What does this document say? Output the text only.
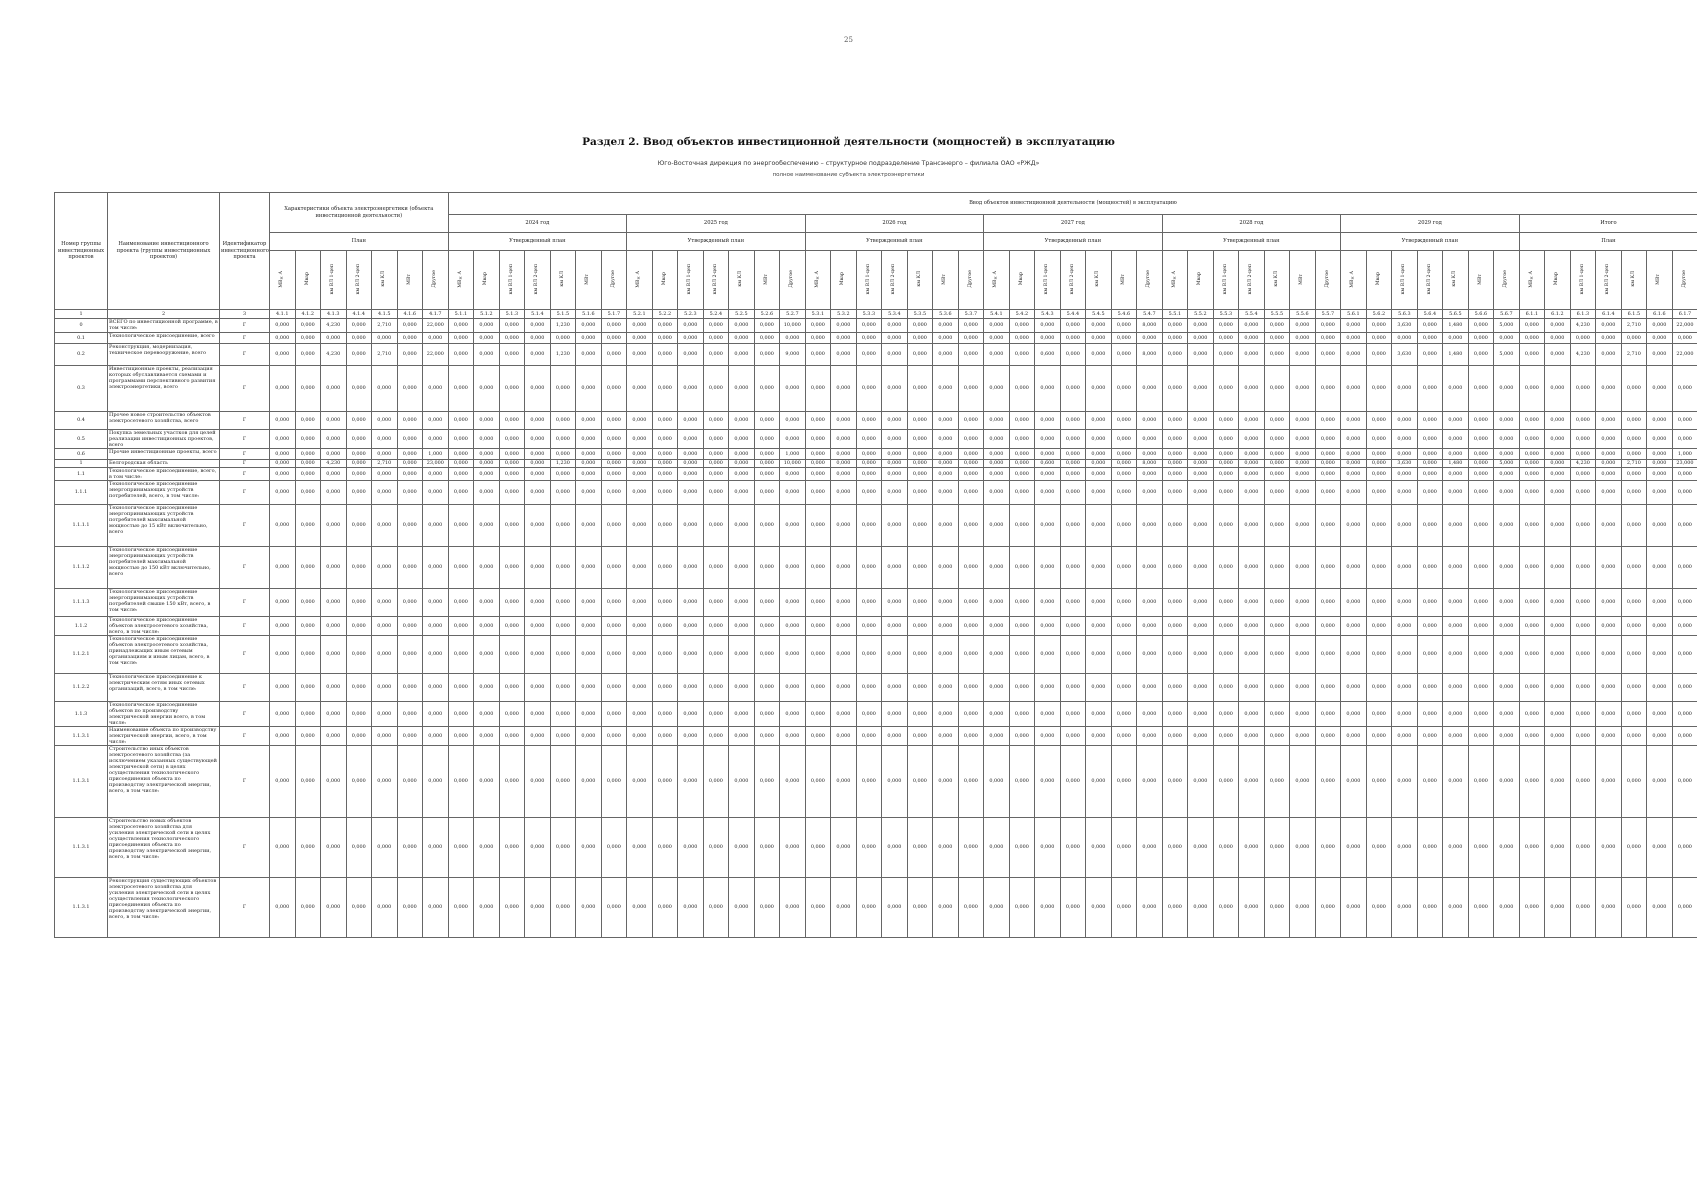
25
Раздел 2. Ввод объектов инвестиционной деятельности (мощностей) в эксплуатацию
Юго-Восточная дирекция по энергообеспечению – структурное подразделение Трансэнерго – филиала ОАО «РЖД»
полное наименование субъекта электроэнергетики
Номер группы инвестиционных проектов	Наименование инвестиционного проекта (группы инвестиционных проектов)	Идентификатор инвестиционного проекта	Характеристики объекта электроэнергетики (объекта инвестиционной деятельности)							Ввод объектов инвестиционной деятельности (мощностей) в эксплуатацию																																																
										2024 год							2025 год							2026 год							2027 год							2028 год							2029 год							Итого						
			План							Утвержденный план							Утвержденный план							Утвержденный план							Утвержденный план							Утвержденный план							Утвержденный план							План						
			МВ×А	Мвар	км ВЛ 1-цеп	км ВЛ 2-цеп	км КЛ	МВт	Другое	МВ×А	Мвар	км ВЛ 1-цеп	км ВЛ 2-цеп	км КЛ	МВт	Другое	МВ×А	Мвар	км ВЛ 1-цеп	км ВЛ 2-цеп	км КЛ	МВт	Другое	МВ×А	Мвар	км ВЛ 1-цеп	км ВЛ 2-цеп	км КЛ	МВт	Другое	МВ×А	Мвар	км ВЛ 1-цеп	км ВЛ 2-цеп	км КЛ	МВт	Другое	МВ×А	Мвар	км ВЛ 1-цеп	км ВЛ 2-цеп	км КЛ	МВт	Другое	МВ×А	Мвар	км ВЛ 1-цеп	км ВЛ 2-цеп	км КЛ	МВт	Другое	МВ×А	Мвар	км ВЛ 1-цеп	км ВЛ 2-цеп	км КЛ	МВт	Другое
1	2	3	4.1.1	4.1.2	4.1.3	4.1.4	4.1.5	4.1.6	4.1.7	5.1.1	5.1.2	5.1.3	5.1.4	5.1.5	5.1.6	5.1.7	5.2.1	5.2.2	5.2.3	5.2.4	5.2.5	5.2.6	5.2.7	5.3.1	5.3.2	5.3.3	5.3.4	5.3.5	5.3.6	5.3.7	5.4.1	5.4.2	5.4.3	5.4.4	5.4.5	5.4.6	5.4.7	5.5.1	5.5.2	5.5.3	5.5.4	5.5.5	5.5.6	5.5.7	5.6.1	5.6.2	5.6.3	5.6.4	5.6.5	5.6.6	5.6.7	6.1.1	6.1.2	6.1.3	6.1.4	6.1.5	6.1.6	6.1.7
0	ВСЕГО по инвестиционной программе, в том числе:	Г	0,000	0,000	4,230	0,000	2,710	0,000	22,000	0,000	0,000	0,000	0,000	1,230	0,000	0,000	0,000	0,000	0,000	0,000	0,000	0,000	10,000	0,000	0,000	0,000	0,000	0,000	0,000	0,000	0,000	0,000	0,000	0,000	0,000	0,000	8,000	0,000	0,000	0,000	0,000	0,000	0,000	0,000	0,000	0,000	3,630	0,000	1,480	0,000	5,000	0,000	0,000	4,230	0,000	2,710	0,000	22,000
0.1	Технологическое присоединение, всего	Г	0,000	0,000	0,000	0,000	0,000	0,000	0,000	0,000	0,000	0,000	0,000	0,000	0,000	0,000	0,000	0,000	0,000	0,000	0,000	0,000	0,000	0,000	0,000	0,000	0,000	0,000	0,000	0,000	0,000	0,000	0,000	0,000	0,000	0,000	0,000	0,000	0,000	0,000	0,000	0,000	0,000	0,000	0,000	0,000	0,000	0,000	0,000	0,000	0,000	0,000	0,000	0,000	0,000	0,000	0,000	0,000
0.2	Реконструкция, модернизация, техническое перевооружение, всего	Г	0,000	0,000	4,230	0,000	2,710	0,000	22,000	0,000	0,000	0,000	0,000	1,230	0,000	0,000	0,000	0,000	0,000	0,000	0,000	0,000	9,000	0,000	0,000	0,000	0,000	0,000	0,000	0,000	0,000	0,000	0,600	0,000	0,000	0,000	8,000	0,000	0,000	0,000	0,000	0,000	0,000	0,000	0,000	0,000	3,630	0,000	1,480	0,000	5,000	0,000	0,000	4,230	0,000	2,710	0,000	22,000
0.3	Инвестиционные проекты, реализация которых обуславливается схемами и программами перспективного развития электроэнергетики, всего	Г	0,000	0,000	0,000	0,000	0,000	0,000	0,000	0,000	0,000	0,000	0,000	0,000	0,000	0,000	0,000	0,000	0,000	0,000	0,000	0,000	0,000	0,000	0,000	0,000	0,000	0,000	0,000	0,000	0,000	0,000	0,000	0,000	0,000	0,000	0,000	0,000	0,000	0,000	0,000	0,000	0,000	0,000	0,000	0,000	0,000	0,000	0,000	0,000	0,000	0,000	0,000	0,000	0,000	0,000	0,000	0,000
0.4	Прочее новое строительство объектов электросетевого хозяйства, всего	Г	0,000	0,000	0,000	0,000	0,000	0,000	0,000	0,000	0,000	0,000	0,000	0,000	0,000	0,000	0,000	0,000	0,000	0,000	0,000	0,000	0,000	0,000	0,000	0,000	0,000	0,000	0,000	0,000	0,000	0,000	0,000	0,000	0,000	0,000	0,000	0,000	0,000	0,000	0,000	0,000	0,000	0,000	0,000	0,000	0,000	0,000	0,000	0,000	0,000	0,000	0,000	0,000	0,000	0,000	0,000	0,000
0.5	Покупка земельных участков для целей реализации инвестиционных проектов, всего	Г	0,000	0,000	0,000	0,000	0,000	0,000	0,000	0,000	0,000	0,000	0,000	0,000	0,000	0,000	0,000	0,000	0,000	0,000	0,000	0,000	0,000	0,000	0,000	0,000	0,000	0,000	0,000	0,000	0,000	0,000	0,000	0,000	0,000	0,000	0,000	0,000	0,000	0,000	0,000	0,000	0,000	0,000	0,000	0,000	0,000	0,000	0,000	0,000	0,000	0,000	0,000	0,000	0,000	0,000	0,000	0,000
0.6	Прочие инвестиционные проекты, всего	Г	0,000	0,000	0,000	0,000	0,000	0,000	1,000	0,000	0,000	0,000	0,000	0,000	0,000	0,000	0,000	0,000	0,000	0,000	0,000	0,000	1,000	0,000	0,000	0,000	0,000	0,000	0,000	0,000	0,000	0,000	0,000	0,000	0,000	0,000	0,000	0,000	0,000	0,000	0,000	0,000	0,000	0,000	0,000	0,000	0,000	0,000	0,000	0,000	0,000	0,000	0,000	0,000	0,000	0,000	0,000	1,000
1	Белгородская область	Г	0,000	0,000	4,230	0,000	2,710	0,000	23,000	0,000	0,000	0,000	0,000	1,230	0,000	0,000	0,000	0,000	0,000	0,000	0,000	0,000	10,000	0,000	0,000	0,000	0,000	0,000	0,000	0,000	0,000	0,000	0,600	0,000	0,000	0,000	8,000	0,000	0,000	0,000	0,000	0,000	0,000	0,000	0,000	0,000	3,630	0,000	1,480	0,000	5,000	0,000	0,000	4,230	0,000	2,710	0,000	23,000
1.1	Технологическое присоединение, всего, в том числе:	Г	0,000	0,000	0,000	0,000	0,000	0,000	0,000	0,000	0,000	0,000	0,000	0,000	0,000	0,000	0,000	0,000	0,000	0,000	0,000	0,000	0,000	0,000	0,000	0,000	0,000	0,000	0,000	0,000	0,000	0,000	0,000	0,000	0,000	0,000	0,000	0,000	0,000	0,000	0,000	0,000	0,000	0,000	0,000	0,000	0,000	0,000	0,000	0,000	0,000	0,000	0,000	0,000	0,000	0,000	0,000	0,000
1.1.1	Технологическое присоединение энергопринимающих устройств потребителей, всего, в том числе:	Г	0,000	0,000	0,000	0,000	0,000	0,000	0,000	0,000	0,000	0,000	0,000	0,000	0,000	0,000	0,000	0,000	0,000	0,000	0,000	0,000	0,000	0,000	0,000	0,000	0,000	0,000	0,000	0,000	0,000	0,000	0,000	0,000	0,000	0,000	0,000	0,000	0,000	0,000	0,000	0,000	0,000	0,000	0,000	0,000	0,000	0,000	0,000	0,000	0,000	0,000	0,000	0,000	0,000	0,000	0,000	0,000
1.1.1.1	Технологическое присоединение энергопринимающих устройств потребителей максимальной мощностью до 15 кВт включительно, всего	Г	0,000	0,000	0,000	0,000	0,000	0,000	0,000	0,000	0,000	0,000	0,000	0,000	0,000	0,000	0,000	0,000	0,000	0,000	0,000	0,000	0,000	0,000	0,000	0,000	0,000	0,000	0,000	0,000	0,000	0,000	0,000	0,000	0,000	0,000	0,000	0,000	0,000	0,000	0,000	0,000	0,000	0,000	0,000	0,000	0,000	0,000	0,000	0,000	0,000	0,000	0,000	0,000	0,000	0,000	0,000	0,000
1.1.1.2	Технологическое присоединение энергопринимающих устройств потребителей максимальной мощностью до 150 кВт включительно, всего	Г	0,000	0,000	0,000	0,000	0,000	0,000	0,000	0,000	0,000	0,000	0,000	0,000	0,000	0,000	0,000	0,000	0,000	0,000	0,000	0,000	0,000	0,000	0,000	0,000	0,000	0,000	0,000	0,000	0,000	0,000	0,000	0,000	0,000	0,000	0,000	0,000	0,000	0,000	0,000	0,000	0,000	0,000	0,000	0,000	0,000	0,000	0,000	0,000	0,000	0,000	0,000	0,000	0,000	0,000	0,000	0,000
1.1.1.3	Технологическое присоединение энергопринимающих устройств потребителей свыше 150 кВт, всего, в том числе:	Г	0,000	0,000	0,000	0,000	0,000	0,000	0,000	0,000	0,000	0,000	0,000	0,000	0,000	0,000	0,000	0,000	0,000	0,000	0,000	0,000	0,000	0,000	0,000	0,000	0,000	0,000	0,000	0,000	0,000	0,000	0,000	0,000	0,000	0,000	0,000	0,000	0,000	0,000	0,000	0,000	0,000	0,000	0,000	0,000	0,000	0,000	0,000	0,000	0,000	0,000	0,000	0,000	0,000	0,000	0,000	0,000
1.1.2	Технологическое присоединение объектов электросетевого хозяйства, всего, в том числе:	Г	0,000	0,000	0,000	0,000	0,000	0,000	0,000	0,000	0,000	0,000	0,000	0,000	0,000	0,000	0,000	0,000	0,000	0,000	0,000	0,000	0,000	0,000	0,000	0,000	0,000	0,000	0,000	0,000	0,000	0,000	0,000	0,000	0,000	0,000	0,000	0,000	0,000	0,000	0,000	0,000	0,000	0,000	0,000	0,000	0,000	0,000	0,000	0,000	0,000	0,000	0,000	0,000	0,000	0,000	0,000	0,000
1.1.2.1	Технологическое присоединение объектов электросетевого хозяйства, принадлежащих иным сетевым организациям и иным лицам, всего, в том числе:	Г	0,000	0,000	0,000	0,000	0,000	0,000	0,000	0,000	0,000	0,000	0,000	0,000	0,000	0,000	0,000	0,000	0,000	0,000	0,000	0,000	0,000	0,000	0,000	0,000	0,000	0,000	0,000	0,000	0,000	0,000	0,000	0,000	0,000	0,000	0,000	0,000	0,000	0,000	0,000	0,000	0,000	0,000	0,000	0,000	0,000	0,000	0,000	0,000	0,000	0,000	0,000	0,000	0,000	0,000	0,000	0,000
1.1.2.2	Технологическое присоединение к электрическим сетям иных сетевых организаций, всего, в том числе:	Г	0,000	0,000	0,000	0,000	0,000	0,000	0,000	0,000	0,000	0,000	0,000	0,000	0,000	0,000	0,000	0,000	0,000	0,000	0,000	0,000	0,000	0,000	0,000	0,000	0,000	0,000	0,000	0,000	0,000	0,000	0,000	0,000	0,000	0,000	0,000	0,000	0,000	0,000	0,000	0,000	0,000	0,000	0,000	0,000	0,000	0,000	0,000	0,000	0,000	0,000	0,000	0,000	0,000	0,000	0,000	0,000
1.1.3	Технологическое присоединение объектов по производству электрической энергии всего, в том числе:	Г	0,000	0,000	0,000	0,000	0,000	0,000	0,000	0,000	0,000	0,000	0,000	0,000	0,000	0,000	0,000	0,000	0,000	0,000	0,000	0,000	0,000	0,000	0,000	0,000	0,000	0,000	0,000	0,000	0,000	0,000	0,000	0,000	0,000	0,000	0,000	0,000	0,000	0,000	0,000	0,000	0,000	0,000	0,000	0,000	0,000	0,000	0,000	0,000	0,000	0,000	0,000	0,000	0,000	0,000	0,000	0,000
1.1.3.1	Наименование объекта по производству электрической энергии, всего, в том числе:	Г	0,000	0,000	0,000	0,000	0,000	0,000	0,000	0,000	0,000	0,000	0,000	0,000	0,000	0,000	0,000	0,000	0,000	0,000	0,000	0,000	0,000	0,000	0,000	0,000	0,000	0,000	0,000	0,000	0,000	0,000	0,000	0,000	0,000	0,000	0,000	0,000	0,000	0,000	0,000	0,000	0,000	0,000	0,000	0,000	0,000	0,000	0,000	0,000	0,000	0,000	0,000	0,000	0,000	0,000	0,000	0,000
1.1.3.1	Строительство иных объектов электросетевого хозяйства (за исключением указанных существующей электрической сети) в целях осуществления технологического присоединения объекта по производству электрической энергии, всего, в том числе:	Г	0,000	0,000	0,000	0,000	0,000	0,000	0,000	0,000	0,000	0,000	0,000	0,000	0,000	0,000	0,000	0,000	0,000	0,000	0,000	0,000	0,000	0,000	0,000	0,000	0,000	0,000	0,000	0,000	0,000	0,000	0,000	0,000	0,000	0,000	0,000	0,000	0,000	0,000	0,000	0,000	0,000	0,000	0,000	0,000	0,000	0,000	0,000	0,000	0,000	0,000	0,000	0,000	0,000	0,000	0,000	0,000
1.1.3.1	Строительство новых объектов электросетевого хозяйства для усиления электрической сети в целях осуществления технологического присоединения объекта по производству электрической энергии, всего, в том числе:	Г	0,000	0,000	0,000	0,000	0,000	0,000	0,000	0,000	0,000	0,000	0,000	0,000	0,000	0,000	0,000	0,000	0,000	0,000	0,000	0,000	0,000	0,000	0,000	0,000	0,000	0,000	0,000	0,000	0,000	0,000	0,000	0,000	0,000	0,000	0,000	0,000	0,000	0,000	0,000	0,000	0,000	0,000	0,000	0,000	0,000	0,000	0,000	0,000	0,000	0,000	0,000	0,000	0,000	0,000	0,000	0,000
1.1.3.1	Реконструкция существующих объектов электросетевого хозяйства для усиления электрической сети в целях осуществления технологического присоединения объекта по производству электрической энергии, всего, в том числе:	Г	0,000	0,000	0,000	0,000	0,000	0,000	0,000	0,000	0,000	0,000	0,000	0,000	0,000	0,000	0,000	0,000	0,000	0,000	0,000	0,000	0,000	0,000	0,000	0,000	0,000	0,000	0,000	0,000	0,000	0,000	0,000	0,000	0,000	0,000	0,000	0,000	0,000	0,000	0,000	0,000	0,000	0,000	0,000	0,000	0,000	0,000	0,000	0,000	0,000	0,000	0,000	0,000	0,000	0,000	0,000	0,000
